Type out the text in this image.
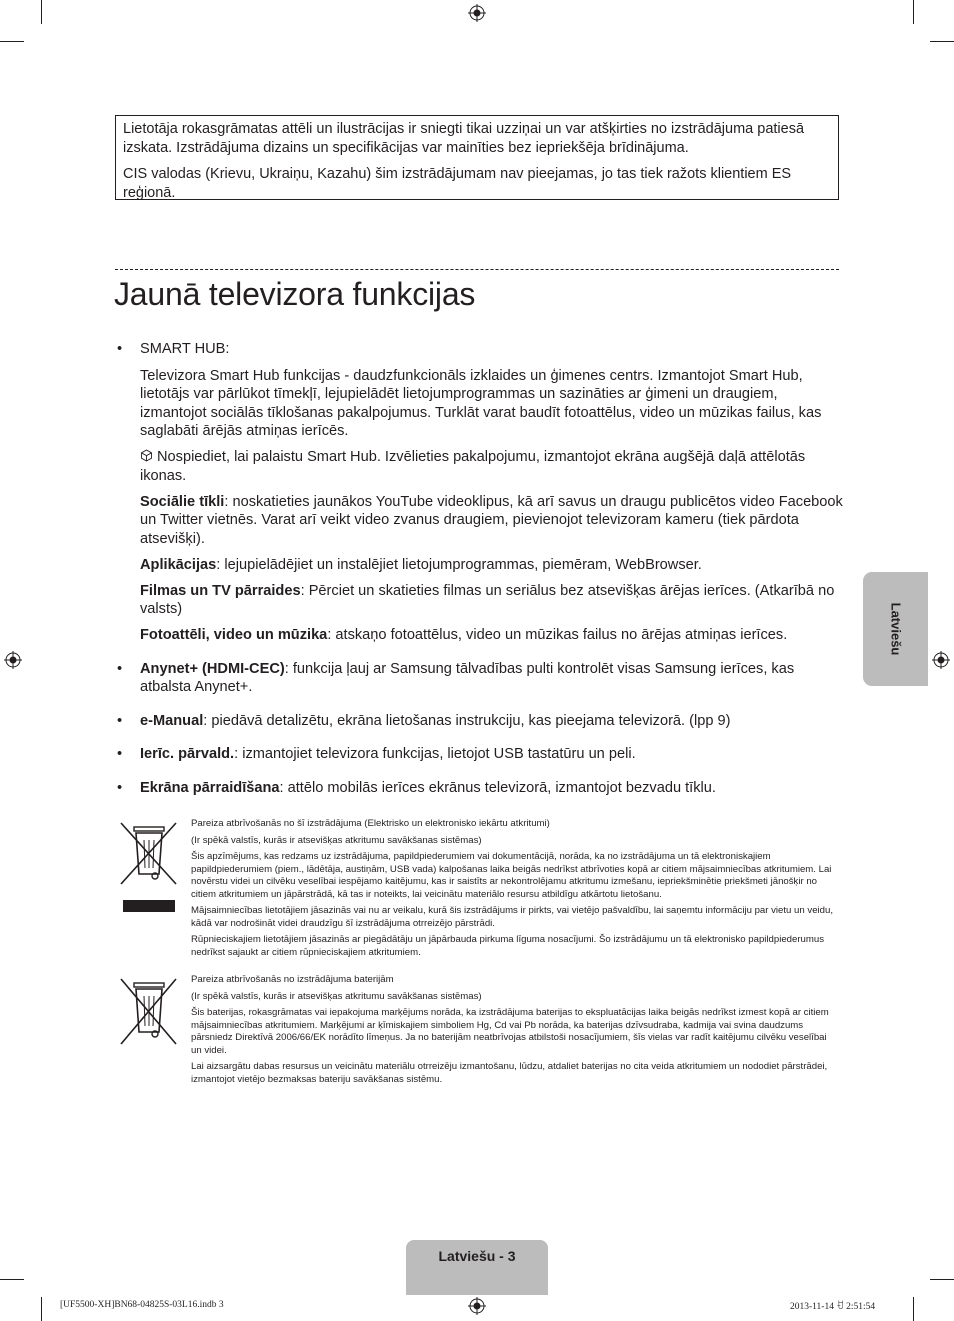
Lietotāja rokasgrāmatas attēli un ilustrācijas ir sniegti tikai uzziņai un var atšķirties no izstrādājuma patiesā izskata. Izstrādājuma dizains un specifikācijas var mainīties bez iepriekšēja brīdinājuma.

CIS valodas (Krievu, Ukraiņu, Kazahu) šim izstrādājumam nav pieejamas, jo tas tiek ražots klientiem ES reģionā.

Jaunā televizora funkcijas
• SMART HUB:

Televizora Smart Hub funkcijas - daudzfunkcionāls izklaides un ģimenes centrs. Izmantojot Smart Hub, lietotājs var pārlūkot tīmekļī, lejupielādēt lietojumprogrammas un sazināties ar ģimeni un draugiem, izmantojot sociālās tīklošanas pakalpojumus. Turklāt varat baudīt fotoattēlus, video un mūzikas failus, kas saglabāti ārējās atmiņas ierīcēs.

Nospiediet, lai palaistu Smart Hub. Izvēlieties pakalpojumu, izmantojot ekrāna augšējā daļā attēlotās ikonas.

Sociālie tīkli: noskatieties jaunākos YouTube videoklipus, kā arī savus un draugu publicētos video Facebook un Twitter vietnēs. Varat arī veikt video zvanus draugiem, pievienojot televizoram kameru (tiek pārdota atsevišķi).

Aplikācijas: lejupielādējiet un instalējiet lietojumprogrammas, piemēram, WebBrowser.

Filmas un TV pārraides: Pērciet un skatieties filmas un seriālus bez atsevišķas ārējas ierīces. (Atkarībā no valsts)

Fotoattēli, video un mūzika: atskaņo fotoattēlus, video un mūzikas failus no ārējas atmiņas ierīces.

• Anynet+ (HDMI-CEC): funkcija ļauj ar Samsung tālvadības pulti kontrolēt visas Samsung ierīces, kas atbalsta Anynet+.

• e-Manual: piedāvā detalizētu, ekrāna lietošanas instrukciju, kas pieejama televizorā. (lpp 9)

• Ierīc. pārvald.: izmantojiet televizora funkcijas, lietojot USB tastatūru un peli.

• Ekrāna pārraidīšana: attēlo mobilās ierīces ekrānus televizorā, izmantojot bezvadu tīklu.

Pareiza atbrīvošanās no šī izstrādājuma (Elektrisko un elektronisko iekārtu atkritumi)

(Ir spēkā valstīs, kurās ir atsevišķas atkritumu savākšanas sistēmas)

Šis apzīmējums, kas redzams uz izstrādājuma, papildpiederumiem vai dokumentācijā, norāda, ka no izstrādājuma un tā elektroniskajiem papildpiederumiem (piem., lādētāja, austiņām, USB vada) kalpošanas laika beigās nedrīkst atbrīvoties kopā ar citiem mājsaimniecības atkritumiem. Lai novērstu videi un cilvēku veselībai iespējamo kaitējumu, kas ir saistīts ar nekontrolējamu atkritumu izmešanu, iepriekšminētie priekšmeti jānošķir no citiem atkritumiem un jāpārstrādā, kā tas ir noteikts, lai veicinātu materiālo resursu atbildīgu atkārtotu lietošanu.

Mājsaimniecības lietotājiem jāsazinās vai nu ar veikalu, kurā šis izstrādājums ir pirkts, vai vietējo pašvaldību, lai saņemtu informāciju par vietu un veidu, kādā var nodrošināt videi draudzīgu šī izstrādājuma otrreizējo pārstrādi.

Rūpnieciskajiem lietotājiem jāsazinās ar piegādātāju un jāpārbauda pirkuma līguma nosacījumi. Šo izstrādājumu un tā elektronisko papildpiederumus nedrīkst sajaukt ar citiem rūpnieciskajiem atkritumiem.

Pareiza atbrīvošanās no izstrādājuma baterijām

(Ir spēkā valstīs, kurās ir atsevišķas atkritumu savākšanas sistēmas)

Šis baterijas, rokasgrāmatas vai iepakojuma marķējums norāda, ka izstrādājuma baterijas to ekspluatācijas laika beigās nedrīkst izmest kopā ar citiem mājsaimniecības atkritumiem. Marķējumi ar ķīmiskajiem simboliem Hg, Cd vai Pb norāda, ka baterijas dzīvsudraba, kadmija vai svina daudzums pārsniedz Direktīvā 2006/66/EK norādīto līmeņus. Ja no baterijām neatbrīvojas atbilstoši nosacījumiem, šīs vielas var radīt kaitējumu cilvēku veselībai un videi.

Lai aizsargātu dabas resursus un veicinātu materiālu otrreizēju izmantošanu, lūdzu, atdaliet baterijas no cita veida atkritumiem un nododiet pārstrādei, izmantojot vietējo bezmaksas bateriju savākšanas sistēmu.

Latviešu
Latviešu - 3
[UF5500-XH]BN68-04825S-03L16.indb 3	2013-11-14 ꀀ 2:51:54
